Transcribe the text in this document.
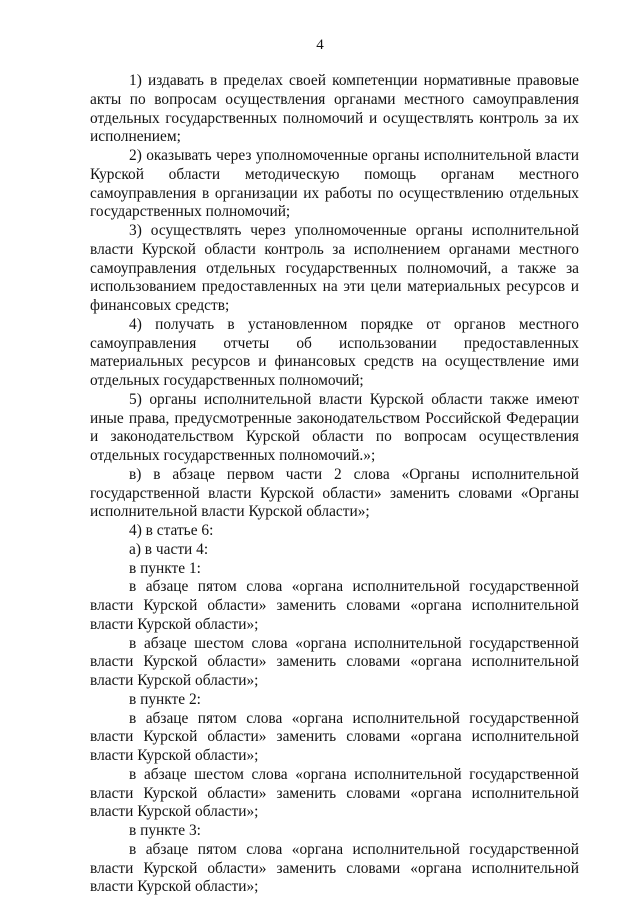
4

1) издавать в пределах своей компетенции нормативные правовые акты по вопросам осуществления органами местного самоуправления отдельных государственных полномочий и осуществлять контроль за их исполнением;

2) оказывать через уполномоченные органы исполнительной власти Курской области методическую помощь органам местного самоуправления в организации их работы по осуществлению отдельных государственных полномочий;

3) осуществлять через уполномоченные органы исполнительной власти Курской области контроль за исполнением органами местного самоуправления отдельных государственных полномочий, а также за использованием предоставленных на эти цели материальных ресурсов и финансовых средств;

4) получать в установленном порядке от органов местного самоуправления отчеты об использовании предоставленных материальных ресурсов и финансовых средств на осуществление ими отдельных государственных полномочий;

5) органы исполнительной власти Курской области также имеют иные права, предусмотренные законодательством Российской Федерации и законодательством Курской области по вопросам осуществления отдельных государственных полномочий.»;

в) в абзаце первом части 2 слова «Органы исполнительной государственной власти Курской области» заменить словами «Органы исполнительной власти Курской области»;

4) в статье 6:

а) в части 4:

в пункте 1:

в абзаце пятом слова «органа исполнительной государственной власти Курской области» заменить словами «органа исполнительной власти Курской области»;

в абзаце шестом слова «органа исполнительной государственной власти Курской области» заменить словами «органа исполнительной власти Курской области»;

в пункте 2:

в абзаце пятом слова «органа исполнительной государственной власти Курской области» заменить словами «органа исполнительной власти Курской области»;

в абзаце шестом слова «органа исполнительной государственной власти Курской области» заменить словами «органа исполнительной власти Курской области»;

в пункте 3:

в абзаце пятом слова «органа исполнительной государственной власти Курской области» заменить словами «органа исполнительной власти Курской области»;
